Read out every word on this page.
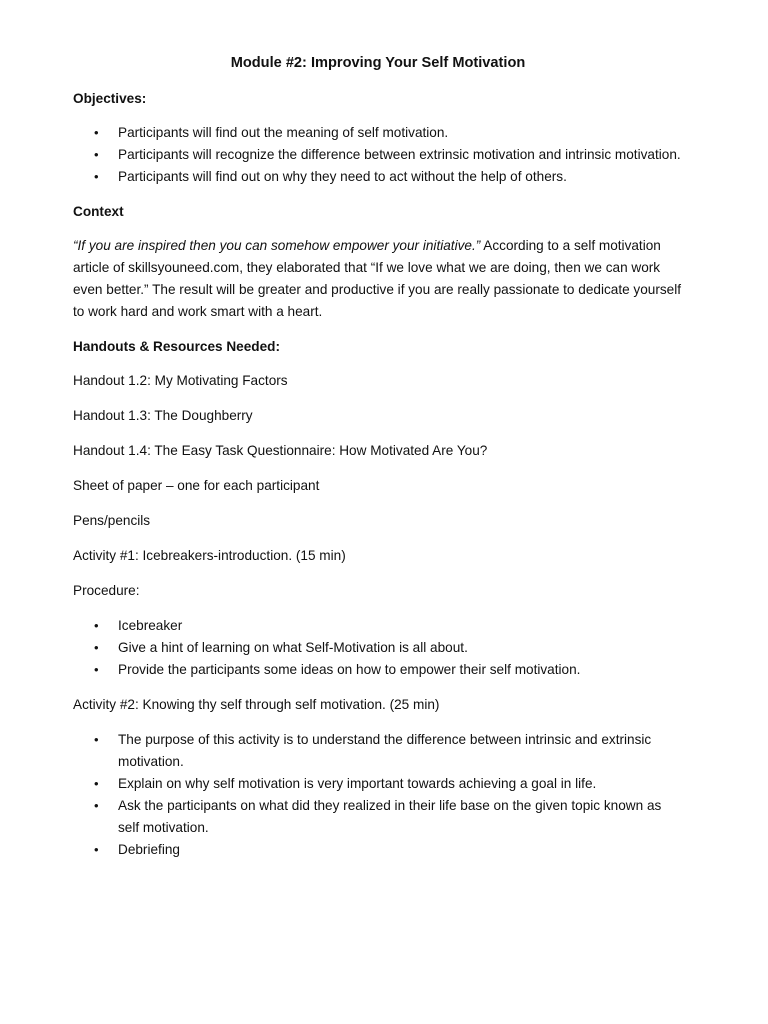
Module #2: Improving Your Self Motivation
Objectives:
• Participants will find out the meaning of self motivation.
• Participants will recognize the difference between extrinsic motivation and intrinsic motivation.
• Participants will find out on why they need to act without the help of others.
Context
“If you are inspired then you can somehow empower your initiative.” According to a self motivation article of skillsyouneed.com, they elaborated that “If we love what we are doing, then we can work even better.” The result will be greater and productive if you are really passionate to dedicate yourself to work hard and work smart with a heart.
Handouts & Resources Needed:
Handout 1.2: My Motivating Factors
Handout 1.3: The Doughberry
Handout 1.4: The Easy Task Questionnaire: How Motivated Are You?
Sheet of paper – one for each participant
Pens/pencils
Activity #1: Icebreakers-introduction. (15 min)
Procedure:
• Icebreaker
• Give a hint of learning on what Self-Motivation is all about.
• Provide the participants some ideas on how to empower their self motivation.
Activity #2: Knowing thy self through self motivation. (25 min)
• The purpose of this activity is to understand the difference between intrinsic and extrinsic motivation.
• Explain on why self motivation is very important towards achieving a goal in life.
• Ask the participants on what did they realized in their life base on the given topic known as self motivation.
• Debriefing
